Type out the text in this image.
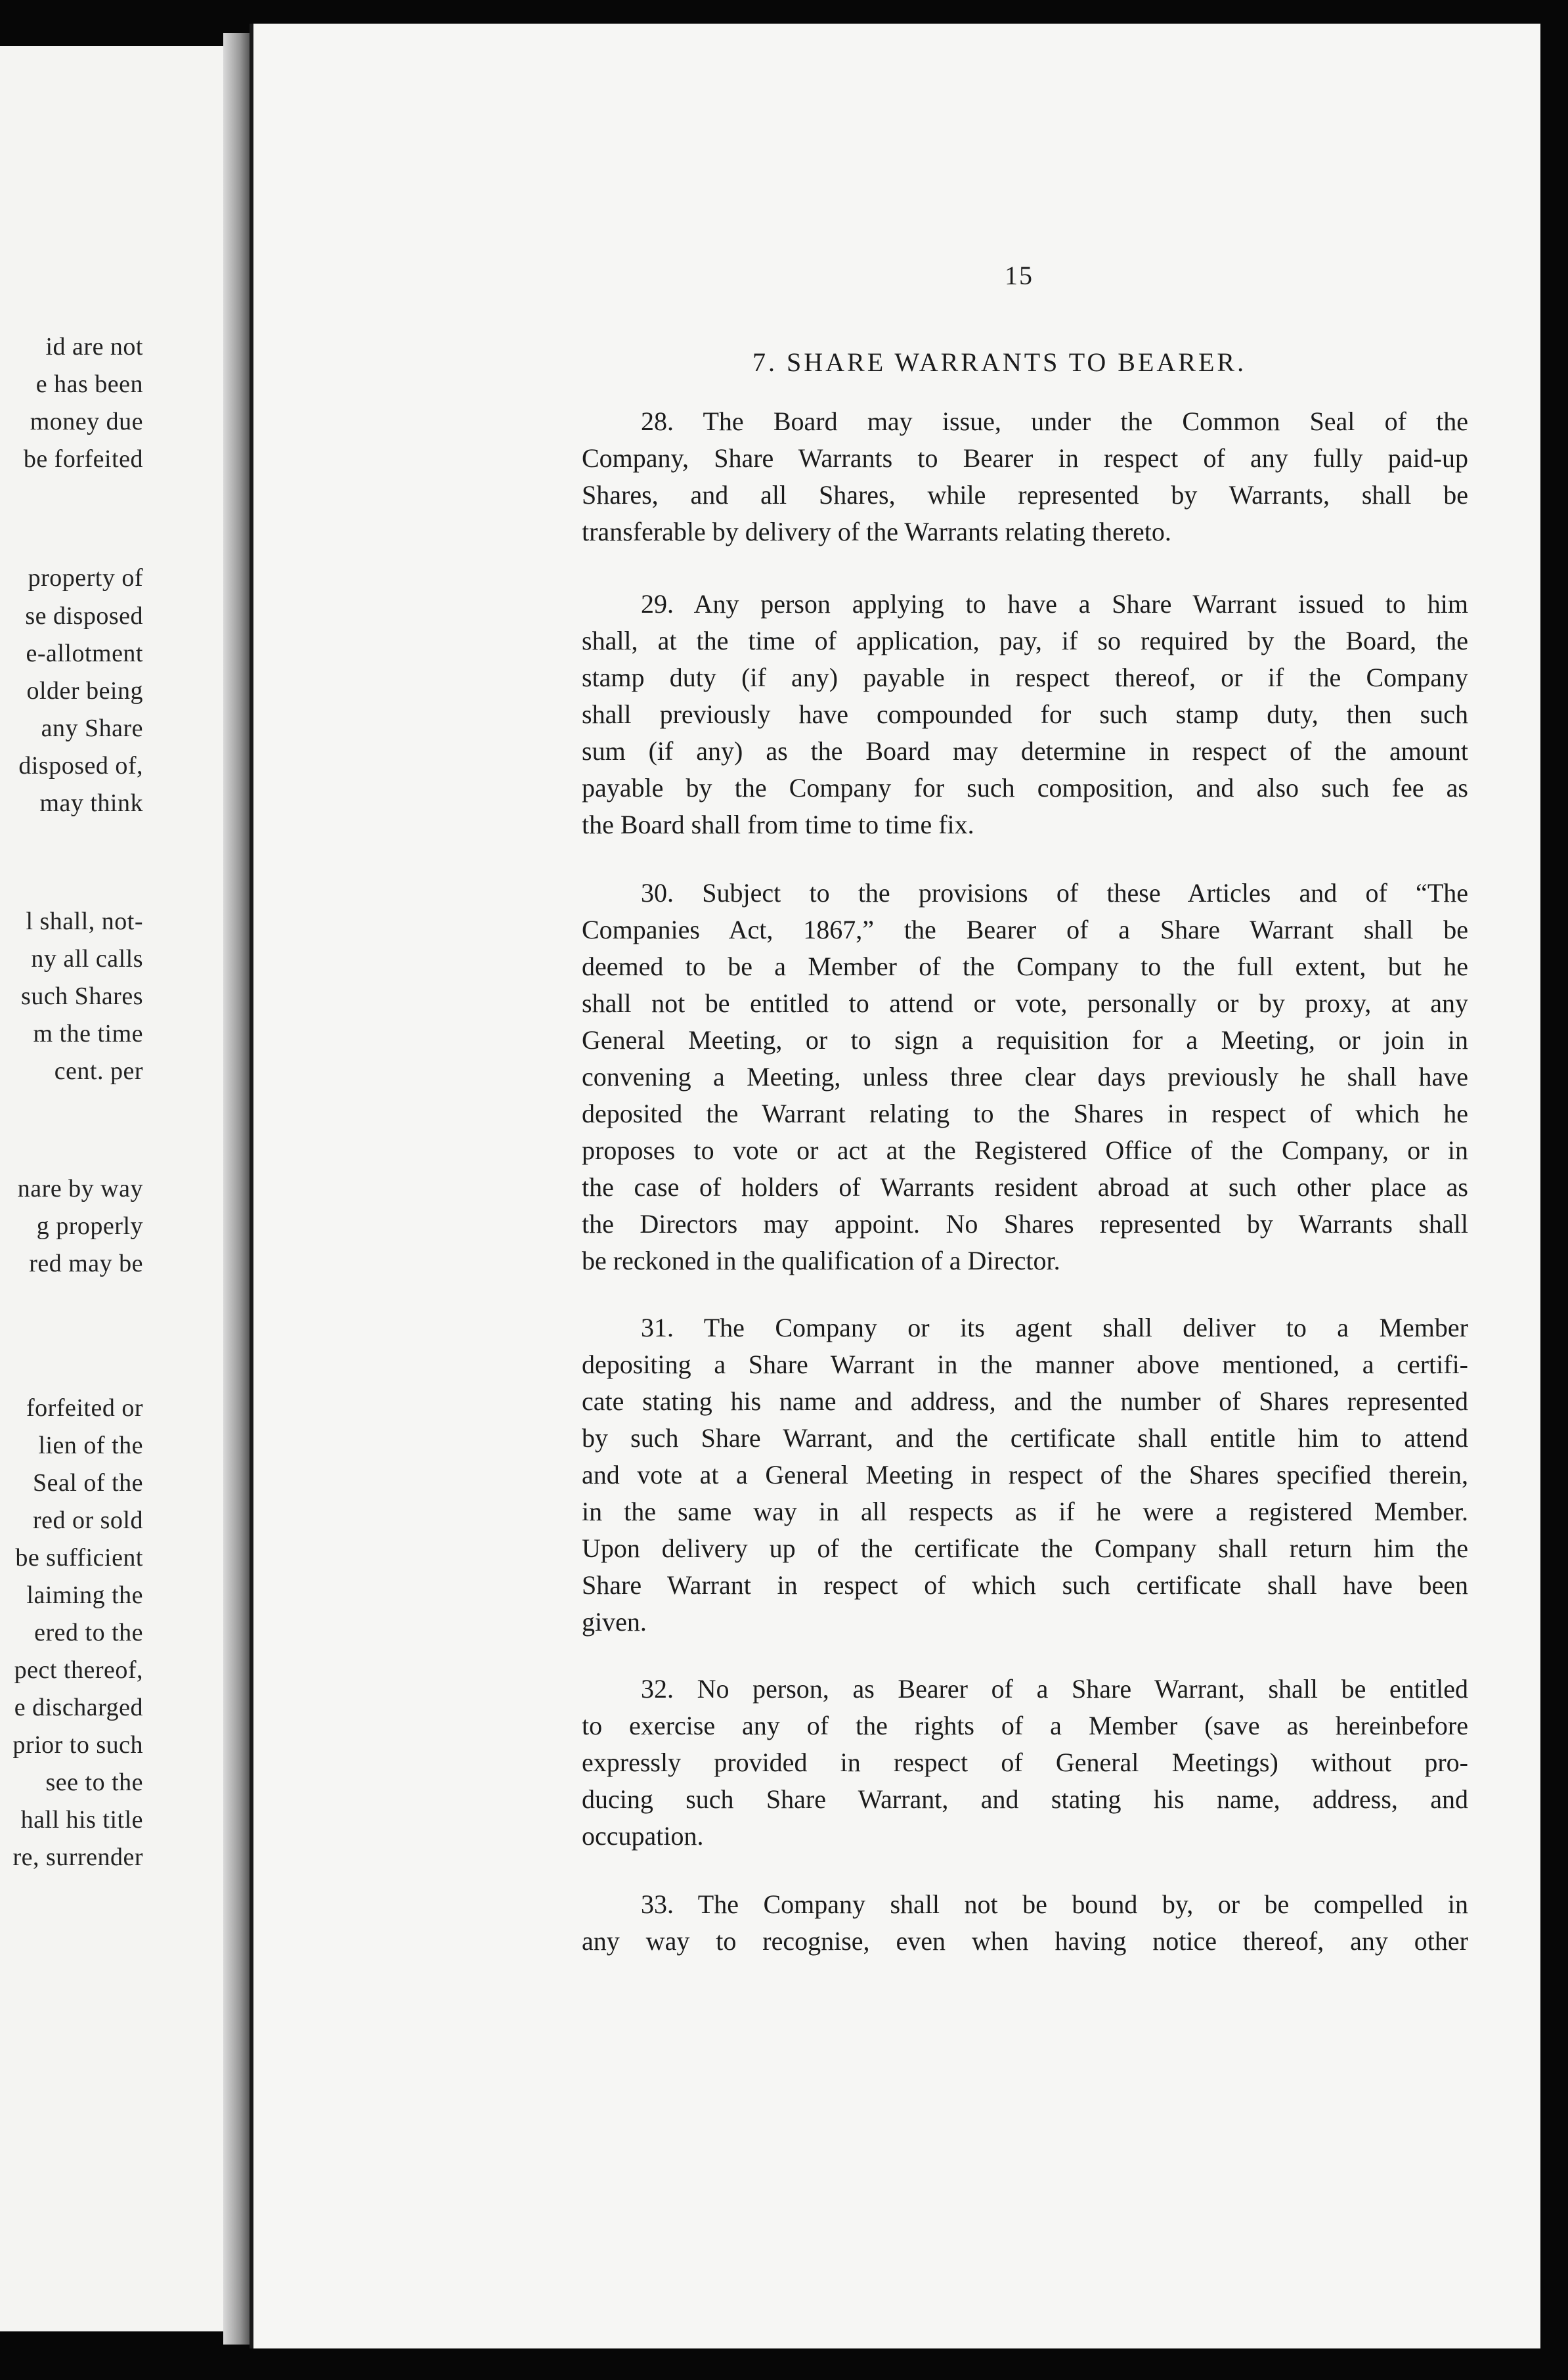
id are not
e has been
money due
be forfeited
property of
se disposed
e-allotment
older being
any Share
disposed of,
may think
l shall, not-
ny all calls
such Shares
m the time
cent. per
nare by way
g properly
red may be
forfeited or
lien of the
Seal of the
red or sold
be sufficient
laiming the
ered to the
pect thereof,
e discharged
prior to such
see to the
hall his title
re, surrender
15
7. SHARE WARRANTS TO BEARER.
28. The Board may issue, under the Common Seal of the
Company, Share Warrants to Bearer in respect of any fully paid-up
Shares, and all Shares, while represented by Warrants, shall be
transferable by delivery of the Warrants relating thereto.
29. Any person applying to have a Share Warrant issued to him
shall, at the time of application, pay, if so required by the Board, the
stamp duty (if any) payable in respect thereof, or if the Company
shall previously have compounded for such stamp duty, then such
sum (if any) as the Board may determine in respect of the amount
payable by the Company for such composition, and also such fee as
the Board shall from time to time fix.
30. Subject to the provisions of these Articles and of “The
Companies Act, 1867,” the Bearer of a Share Warrant shall be
deemed to be a Member of the Company to the full extent, but he
shall not be entitled to attend or vote, personally or by proxy, at any
General Meeting, or to sign a requisition for a Meeting, or join in
convening a Meeting, unless three clear days previously he shall have
deposited the Warrant relating to the Shares in respect of which he
proposes to vote or act at the Registered Office of the Company, or in
the case of holders of Warrants resident abroad at such other place as
the Directors may appoint. No Shares represented by Warrants shall
be reckoned in the qualification of a Director.
31. The Company or its agent shall deliver to a Member
depositing a Share Warrant in the manner above mentioned, a certifi-
cate stating his name and address, and the number of Shares represented
by such Share Warrant, and the certificate shall entitle him to attend
and vote at a General Meeting in respect of the Shares specified therein,
in the same way in all respects as if he were a registered Member.
Upon delivery up of the certificate the Company shall return him the
Share Warrant in respect of which such certificate shall have been
given.
32. No person, as Bearer of a Share Warrant, shall be entitled
to exercise any of the rights of a Member (save as hereinbefore
expressly provided in respect of General Meetings) without pro-
ducing such Share Warrant, and stating his name, address, and
occupation.
33. The Company shall not be bound by, or be compelled in
any way to recognise, even when having notice thereof, any other
